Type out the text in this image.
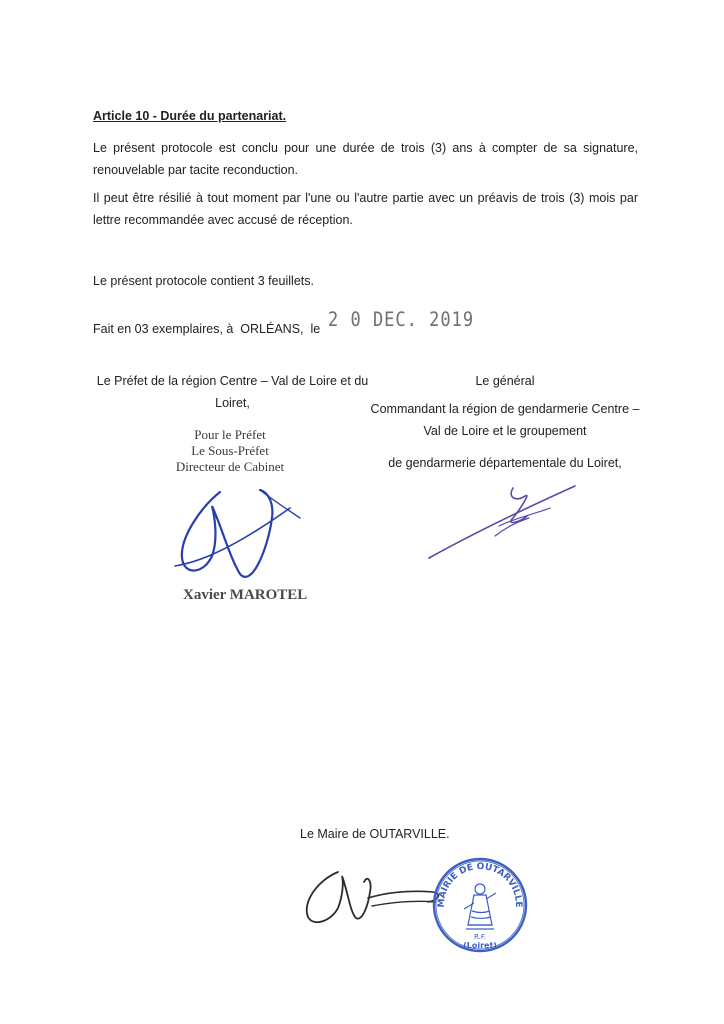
Article 10 - Durée du partenariat.
Le présent protocole est conclu pour une durée de trois (3) ans à compter de sa signature,
renouvelable par tacite reconduction.
Il peut être résilié à tout moment par l'une ou l'autre partie avec un préavis de trois (3) mois par
lettre recommandée avec accusé de réception.
Le présent protocole contient 3 feuillets.
Fait en 03 exemplaires, à  ORLÉANS,  le 2 0 DEC. 2019
Le Préfet de la région Centre – Val de Loire et du
Loiret,
Pour le Préfet
Le Sous-Préfet
Directeur de Cabinet
Xavier MAROTEL
Le général
Commandant la région de gendarmerie Centre –
Val de Loire et le groupement
de gendarmerie départementale du Loiret,
Le Maire de OUTARVILLE.
MAIRIE DE OUTARVILLE
R.F.
(Loiret)
